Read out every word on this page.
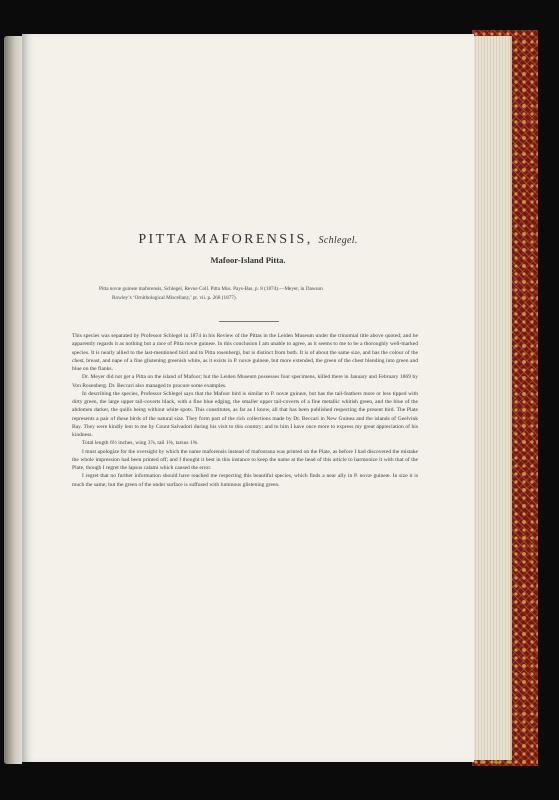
PITTA MAFORENSIS, Schlegel.
Mafoor-Island Pitta.
Pitta novæ guineæ maforensis, Schlegel, Revue Coll. Pitta Mus. Pays-Bas, p. 8 (1874).—Meyer, in Dawson
Rowley’s ‘Ornithological Miscellany,’ pt. vii. p. 268 (1877).

This species was separated by Professor Schlegel in 1874 in his Review of the Pittas in the Leiden Museum under the trinomial title above quoted; and he apparently regards it as nothing but a race of Pitta novæ guineæ. In this conclusion I am unable to agree, as it seems to me to be a thoroughly well-marked species. It is nearly allied to the last-mentioned bird and to Pitta rosenbergi, but is distinct from both. It is of about the same size, and has the colour of the chest, breast, and nape of a fine glistening greenish white, as it exists in P. novæ guineæ, but more extended, the green of the chest blending into green and blue on the flanks.

Dr. Meyer did not get a Pitta on the island of Mafoor; but the Leiden Museum possesses four specimens, killed there in January and February 1869 by Von Rosenberg. Dr. Beccari also managed to procure some examples.

In describing the species, Professor Schlegel says that the Mafoor bird is similar to P. novæ guineæ, but has the tail-feathers more or less tipped with dirty green, the large upper tail-coverts black, with a fine blue edging, the smaller upper tail-coverts of a fine metallic whitish green, and the blue of the abdomen darker, the quills being without white spots. This constitutes, as far as I know, all that has been published respecting the present bird. The Plate represents a pair of these birds of the natural size. They form part of the rich collections made by Dr. Beccari in New Guinea and the islands of Geelvink Bay. They were kindly lent to me by Count Salvadori during his visit to this country; and to him I have once more to express my great appreciation of his kindness.

Total length 6½ inches, wing 3⅞, tail 1⅜, tarsus 1⅝.

I must apologize for the oversight by which the name maforensis instead of mafoorana was printed on the Plate, as before I had discovered the mistake the whole impression had been printed off; and I thought it best in this instance to keep the name at the head of this article to harmonize it with that of the Plate, though I regret the lapsus calami which caused the error.

I regret that no further information should have reached me respecting this beautiful species, which finds a near ally in P. novæ guineæ. In size it is much the same; but the green of the under surface is suffused with luminous glistening green.
